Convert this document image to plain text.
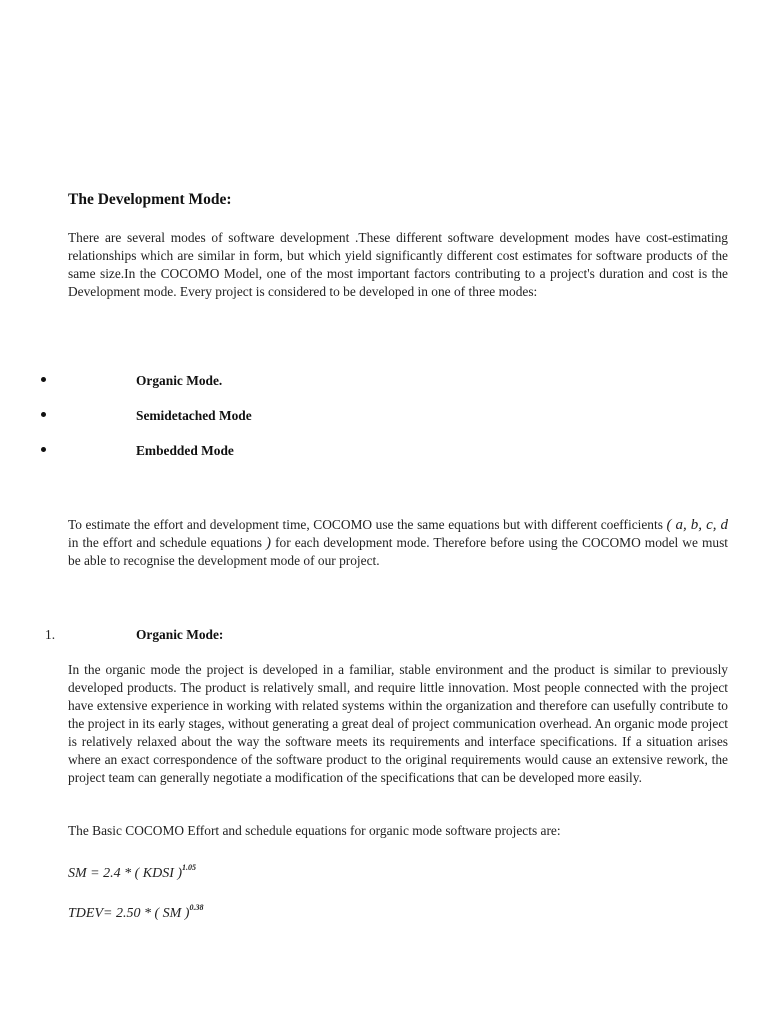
The Development Mode:
There are several modes of software development .These different software development modes have cost-estimating relationships which are similar in form, but which yield significantly different cost estimates for software products of the same size.In the COCOMO Model, one of the most important factors contributing to a project's duration and cost is the Development mode. Every project is considered to be developed in one of three modes:
Organic Mode.
Semidetached Mode
Embedded Mode
To estimate the effort and development time, COCOMO use the same equations but with different coefficients ( a, b, c, d in the effort and schedule equations ) for each development mode. Therefore before using the COCOMO model we must be able to recognise the development mode of our project.
1.	Organic Mode:
In the organic mode the project is developed in a familiar, stable environment and the product is similar to previously developed products. The product is relatively small, and require little innovation. Most people connected with the project have extensive experience in working with related systems within the organization and therefore can usefully contribute to the project in its early stages, without generating a great deal of project communication overhead. An organic mode project is relatively relaxed about the way the software meets its requirements and interface specifications. If a situation arises where an exact correspondence of the software product to the original requirements would cause an extensive rework, the project team can generally negotiate a modification of the specifications that can be developed more easily.
The Basic COCOMO Effort and schedule equations for organic mode software projects are:
SM = 2.4 * ( KDSI )$^{1.05}$
TDEV= 2.50 * ( SM )$^{0.38}$
